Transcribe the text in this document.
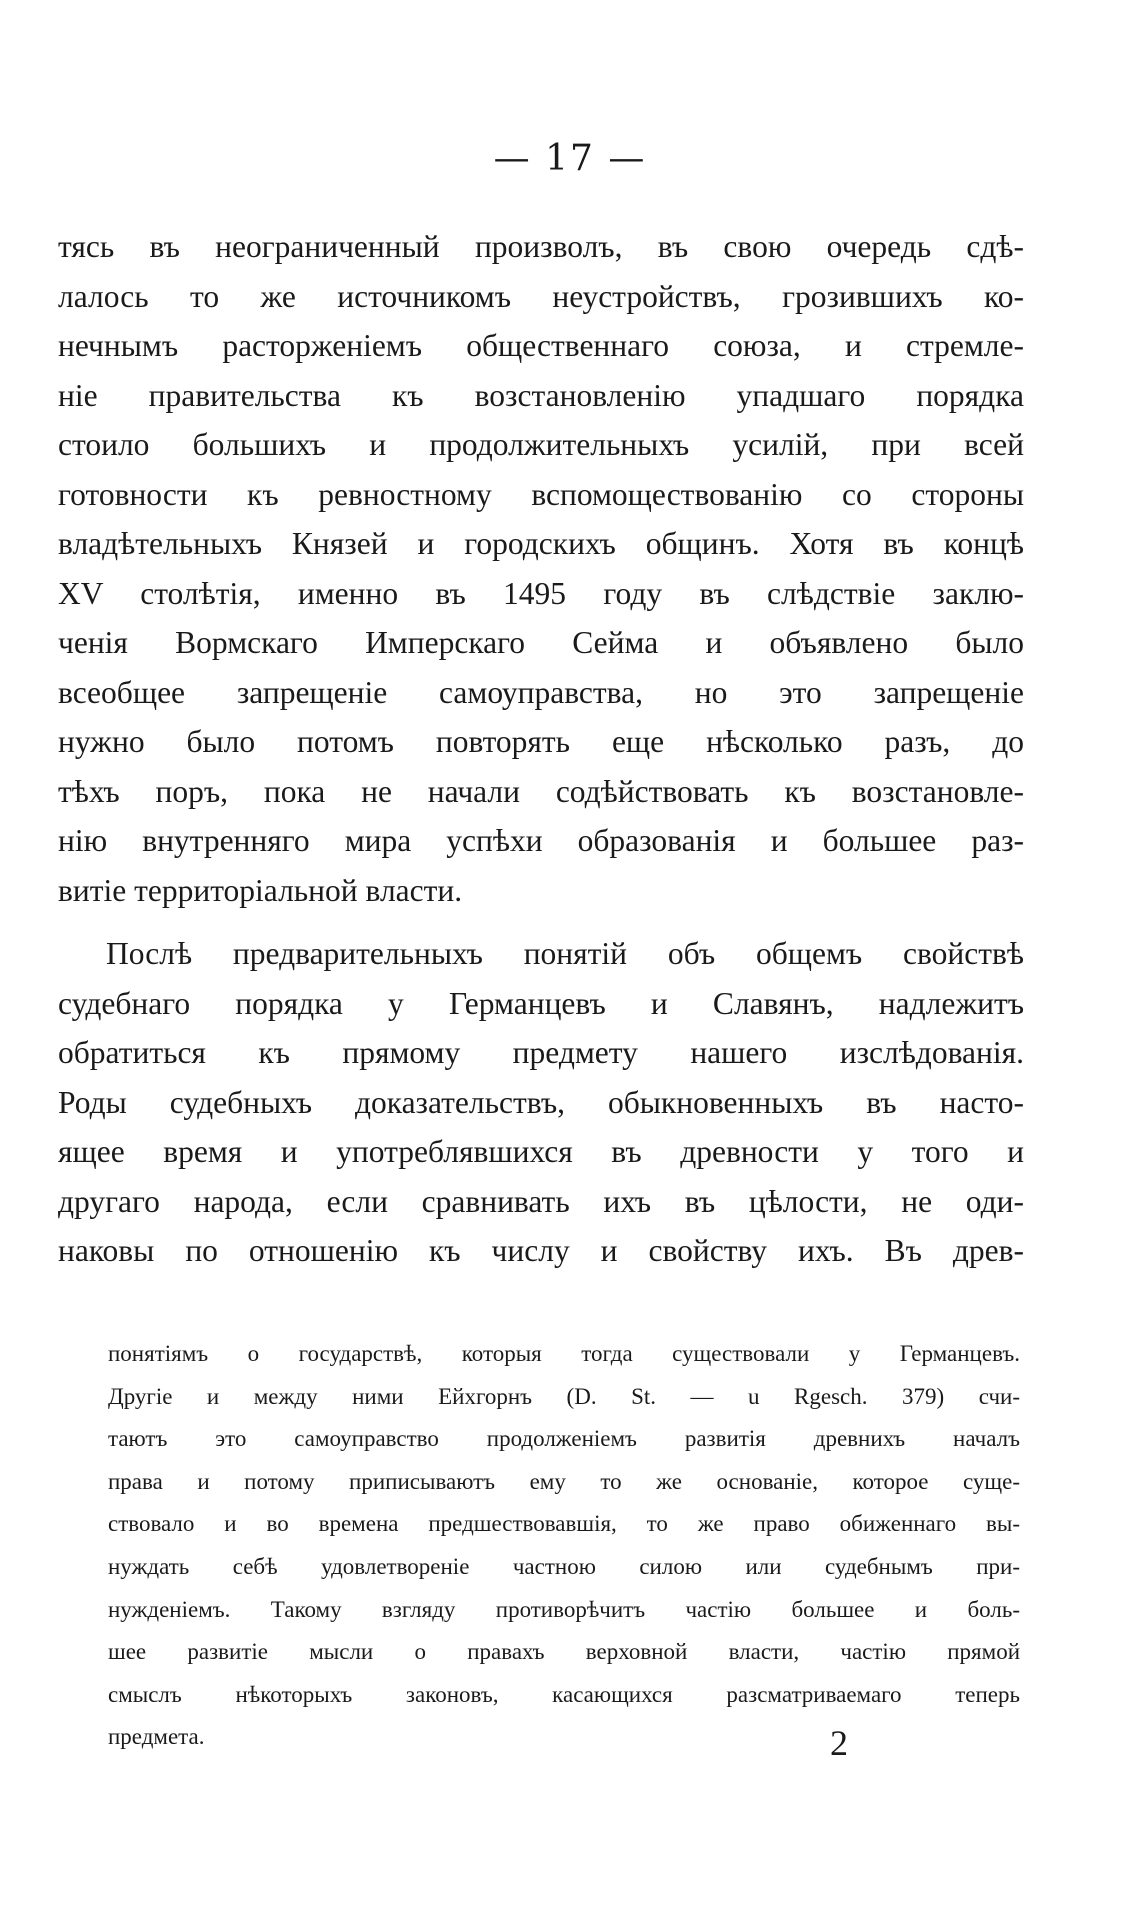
— 17 —
тясь въ неограниченный произволъ, въ свою очередь сдѣ-
лалось то же источникомъ неустройствъ, грозившихъ ко-
нечнымъ расторженіемъ общественнаго союза, и стремле-
ніе правительства къ возстановленію упадшаго порядка
стоило большихъ и продолжительныхъ усилій, при всей
готовности къ ревностному вспомоществованію со стороны
владѣтельныхъ Князей и городскихъ общинъ. Хотя въ концѣ
XV столѣтія, именно въ 1495 году въ слѣдствіе заклю-
ченія Вормскаго Имперскаго Сейма и объявлено было
всеобщее запрещеніе самоуправства, но это запрещеніе
нужно было потомъ повторять еще нѣсколько разъ, до
тѣхъ поръ, пока не начали содѣйствовать къ возстановле-
нію внутренняго мира успѣхи образованія и большее раз-
витіе территоріальной власти.
Послѣ предварительныхъ понятій объ общемъ свойствѣ
судебнаго порядка у Германцевъ и Славянъ, надлежитъ
обратиться къ прямому предмету нашего изслѣдованія.
Роды судебныхъ доказательствъ, обыкновенныхъ въ насто-
ящее время и употреблявшихся въ древности у того и
другаго народа, если сравнивать ихъ въ цѣлости, не оди-
наковы по отношенію къ числу и свойству ихъ. Въ древ-
понятіямъ о государствѣ, которыя тогда существовали у Германцевъ.
Другіе и между ними Ейхгорнъ (D. St. — u Rgesch. 379) счи-
таютъ это самоуправство продолженіемъ развитія древнихъ началъ
права и потому приписываютъ ему то же основаніе, которое суще-
ствовало и во времена предшествовавшія, то же право обиженнаго вы-
нуждать себѣ удовлетвореніе частною силою или судебнымъ при-
нужденіемъ. Такому взгляду противорѣчитъ частію большее и боль-
шее развитіе мысли о правахъ верховной власти, частію прямой
смыслъ нѣкоторыхъ законовъ, касающихся разсматриваемаго теперь
предмета.	2
